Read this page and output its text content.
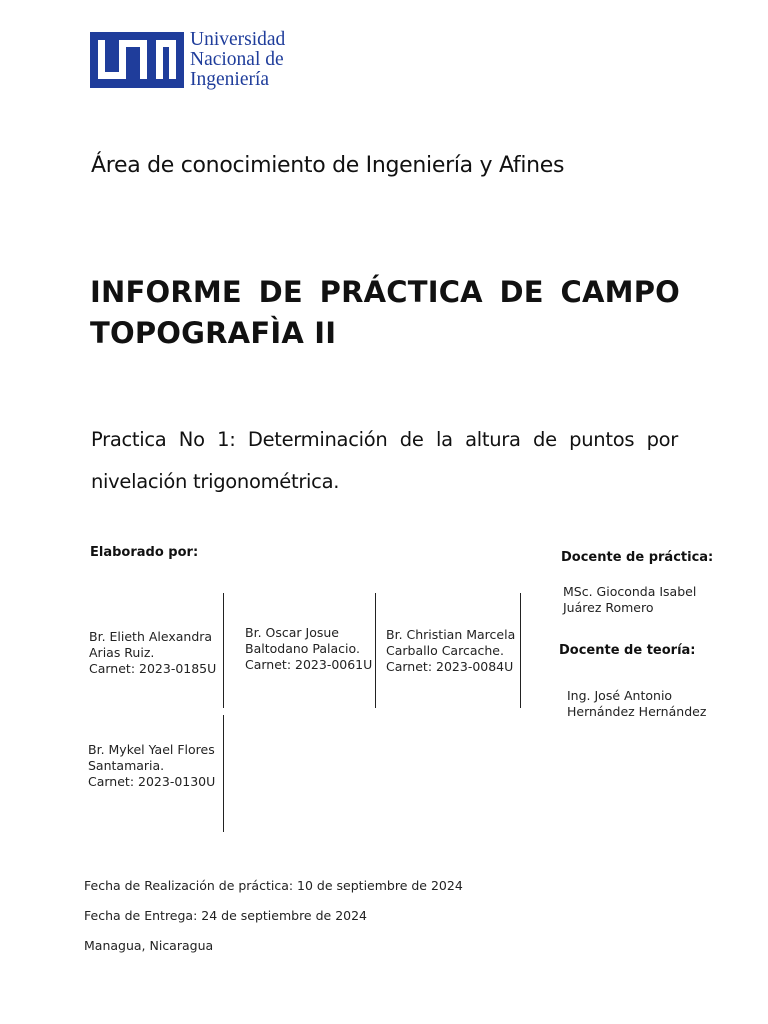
Universidad
Nacional de
Ingeniería
Área de conocimiento de Ingeniería y Afines
INFORME DE PRÁCTICA DE CAMPO
TOPOGRAFÌA II
Practica No 1: Determinación de la altura de puntos por nivelación trigonométrica.
Elaborado por:
Br. Elieth Alexandra
Arias Ruiz.
Carnet: 2023-0185U
Br. Oscar Josue
Baltodano Palacio.
Carnet: 2023-0061U
Br. Christian Marcela
Carballo Carcache.
Carnet: 2023-0084U
Br. Mykel Yael Flores
Santamaria.
Carnet: 2023-0130U
Docente de práctica:
MSc. Gioconda Isabel
Juárez Romero
Docente de teoría:
Ing. José Antonio
Hernández Hernández
Fecha de Realización de práctica: 10 de septiembre de 2024
Fecha de Entrega: 24 de septiembre de 2024
Managua, Nicaragua
